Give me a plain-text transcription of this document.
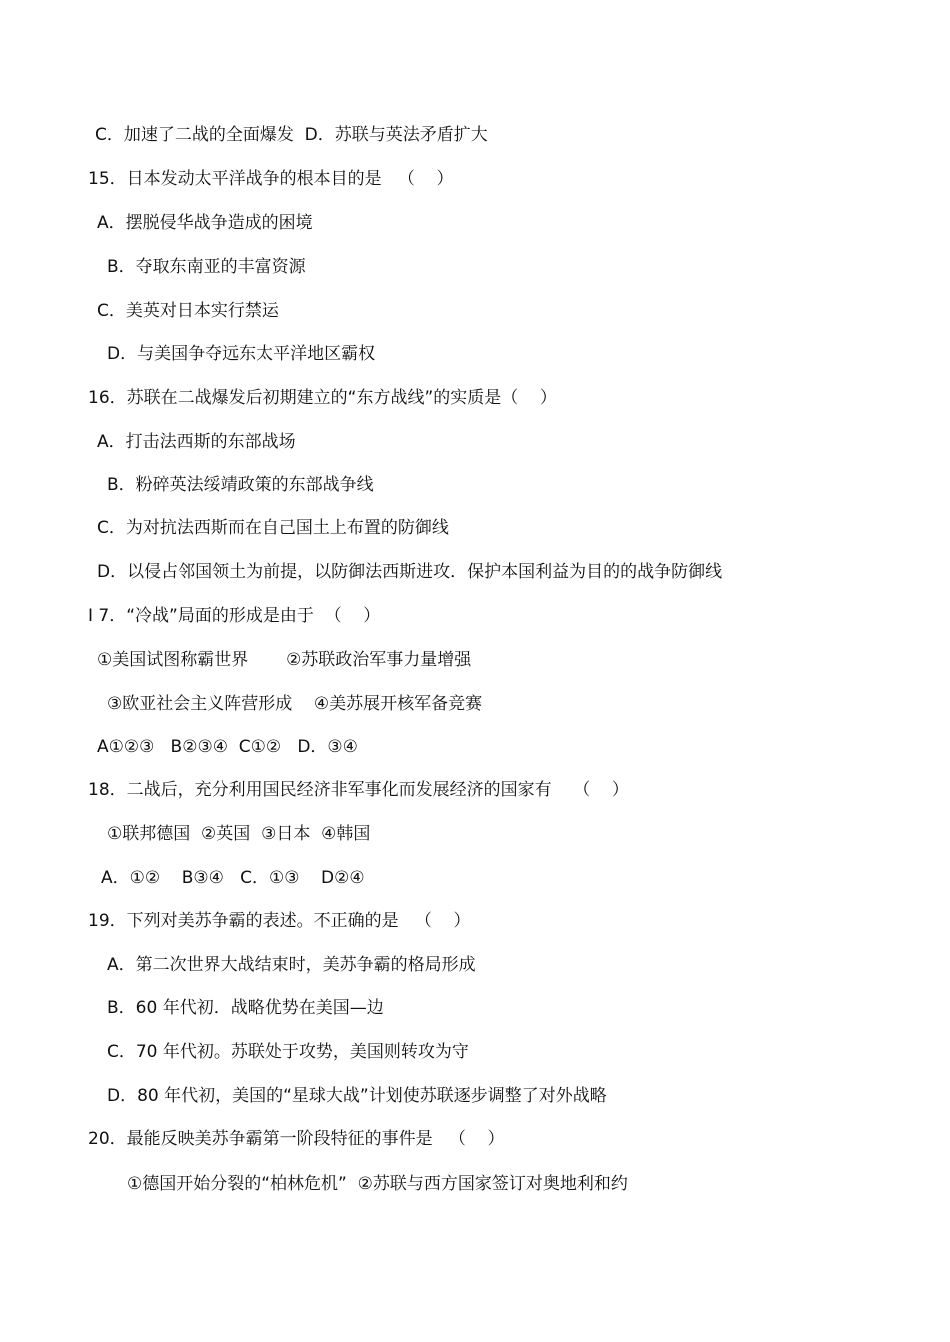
C．加速了二战的全面爆发  D．苏联与英法矛盾扩大
15．日本发动太平洋战争的根本目的是   （    ）
A．摆脱侵华战争造成的困境
B．夺取东南亚的丰富资源
C．美英对日本实行禁运
D．与美国争夺远东太平洋地区霸权
16．苏联在二战爆发后初期建立的“东方战线”的实质是（    ）
A．打击法西斯的东部战场
B．粉碎英法绥靖政策的东部战争线
C．为对抗法西斯而在自己国土上布置的防御线
D．以侵占邻国领土为前提，以防御法西斯进攻．保护本国利益为目的的战争防御线
I 7．“冷战”局面的形成是由于  （    ）
①美国试图称霸世界       ②苏联政治军事力量增强
③欧亚社会主义阵营形成    ④美苏展开核军备竞赛
A①②③   B②③④  C①②   D．③④
18．二战后，充分利用国民经济非军事化而发展经济的国家有    （    ）
①联邦德国  ②英国  ③日本  ④韩国
A．①②    B③④   C．①③    D②④
19．下列对美苏争霸的表述。不正确的是   （    ）
A．第二次世界大战结束时，美苏争霸的格局形成
B．60 年代初．战略优势在美国—边
C．70 年代初。苏联处于攻势，美国则转攻为守
D．80 年代初，美国的“星球大战”计划使苏联逐步调整了对外战略
20．最能反映美苏争霸第一阶段特征的事件是   （    ）
①德国开始分裂的“柏林危机”  ②苏联与西方国家签订对奥地利和约
